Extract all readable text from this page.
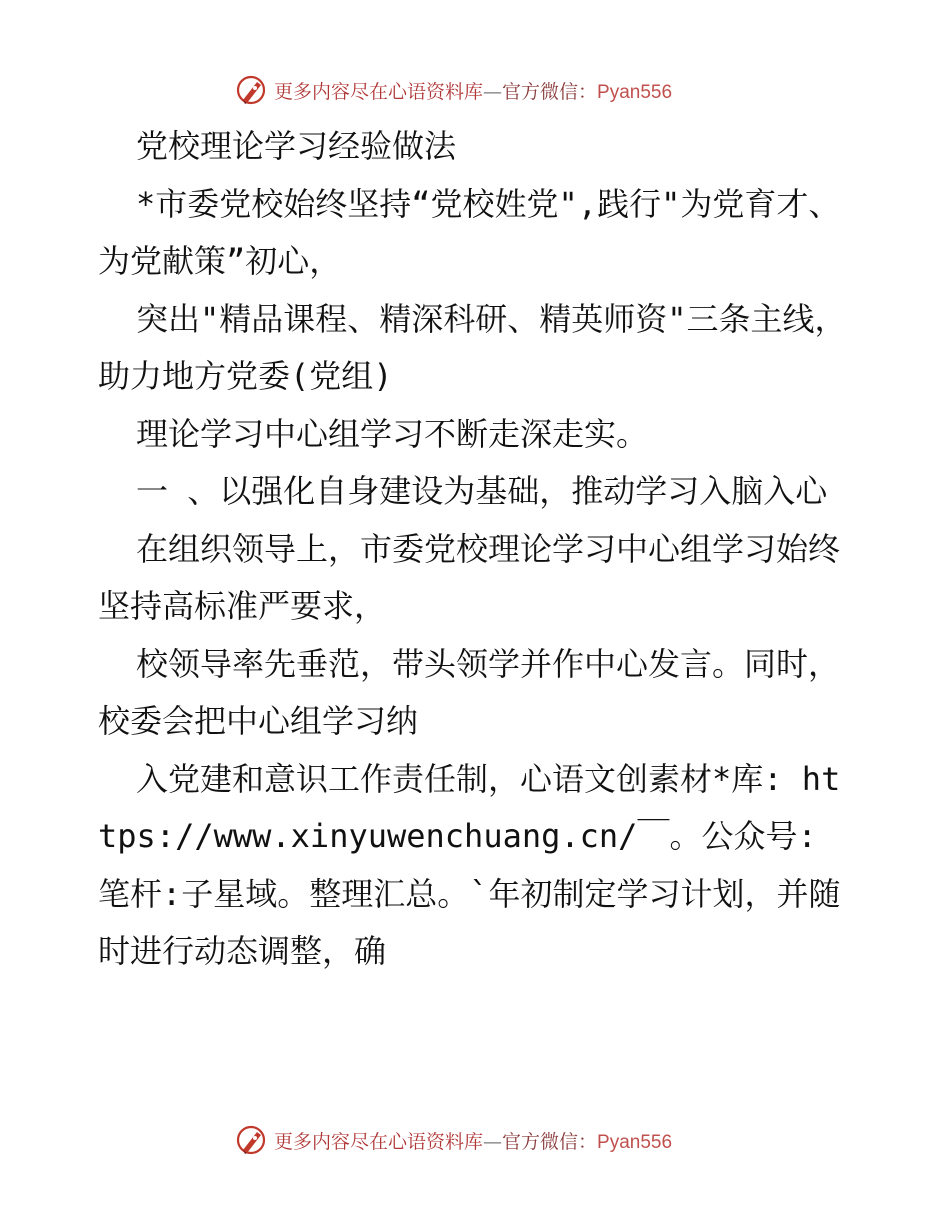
更多内容尽在心语资料库—官方微信：Pyan556

党校理论学习经验做法

*市委党校始终坚持“党校姓党",践行"为党育才、为党献策”初心，

突出"精品课程、精深科研、精英师资"三条主线，助力地方党委(党组)

理论学习中心组学习不断走深走实。

一 、以强化自身建设为基础，推动学习入脑入心

在组织领导上，市委党校理论学习中心组学习始终坚持高标准严要求，

校领导率先垂范，带头领学并作中心发言。同时，校委会把中心组学习纳

入党建和意识工作责任制，心语文创素材*库: https://www.xinyuwenchuang.cn/￣。公众号: 笔杆:子星域。整理汇总。`年初制定学习计划，并随时进行动态调整，确

更多内容尽在心语资料库—官方微信：Pyan556
